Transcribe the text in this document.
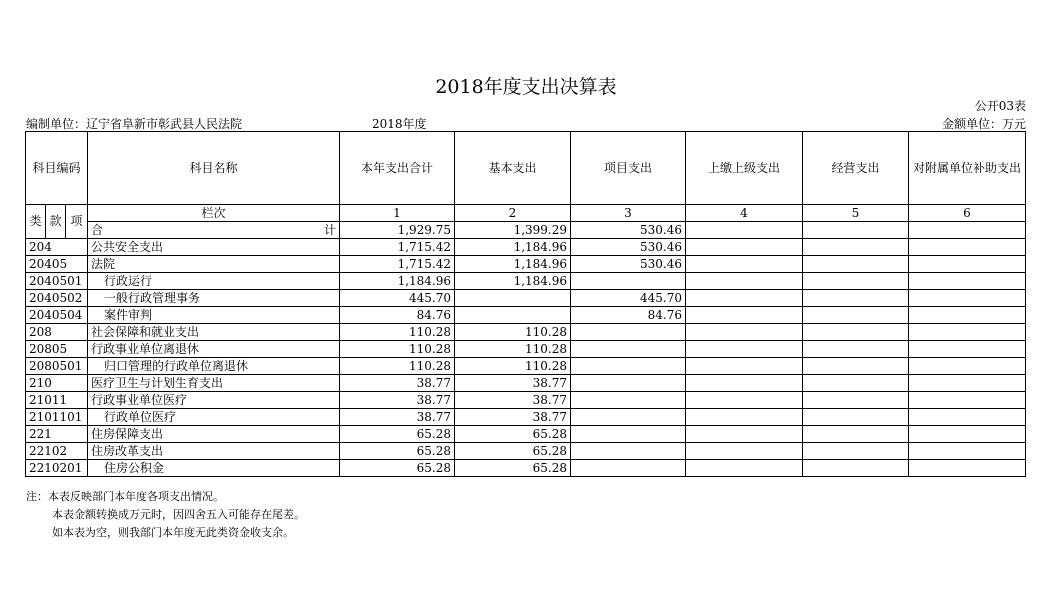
2018年度支出决算表
公开03表
编制单位：辽宁省阜新市彰武县人民法院	2018年度	金额单位：万元
科目编码			科目名称	本年支出合计	基本支出	项目支出	上缴上级支出	经营支出	对附属单位补助支出
类	款	项	栏次	1	2	3	4	5	6

			合 计	1,929.75	1,399.29	530.46			
204			公共安全支出	1,715.42	1,184.96	530.46			
20405			法院	1,715.42	1,184.96	530.46			
2040501			行政运行	1,184.96	1,184.96				
2040502			一般行政管理事务	445.70		445.70			
2040504			案件审判	84.76		84.76			
208			社会保障和就业支出	110.28	110.28				
20805			行政事业单位离退休	110.28	110.28				
2080501			归口管理的行政单位离退休	110.28	110.28				
210			医疗卫生与计划生育支出	38.77	38.77				
21011			行政事业单位医疗	38.77	38.77				
2101101			行政单位医疗	38.77	38.77				
221			住房保障支出	65.28	65.28				
22102			住房改革支出	65.28	65.28				
2210201			住房公积金	65.28	65.28				
注：本表反映部门本年度各项支出情况。
本表金额转换成万元时，因四舍五入可能存在尾差。
如本表为空，则我部门本年度无此类资金收支余。
